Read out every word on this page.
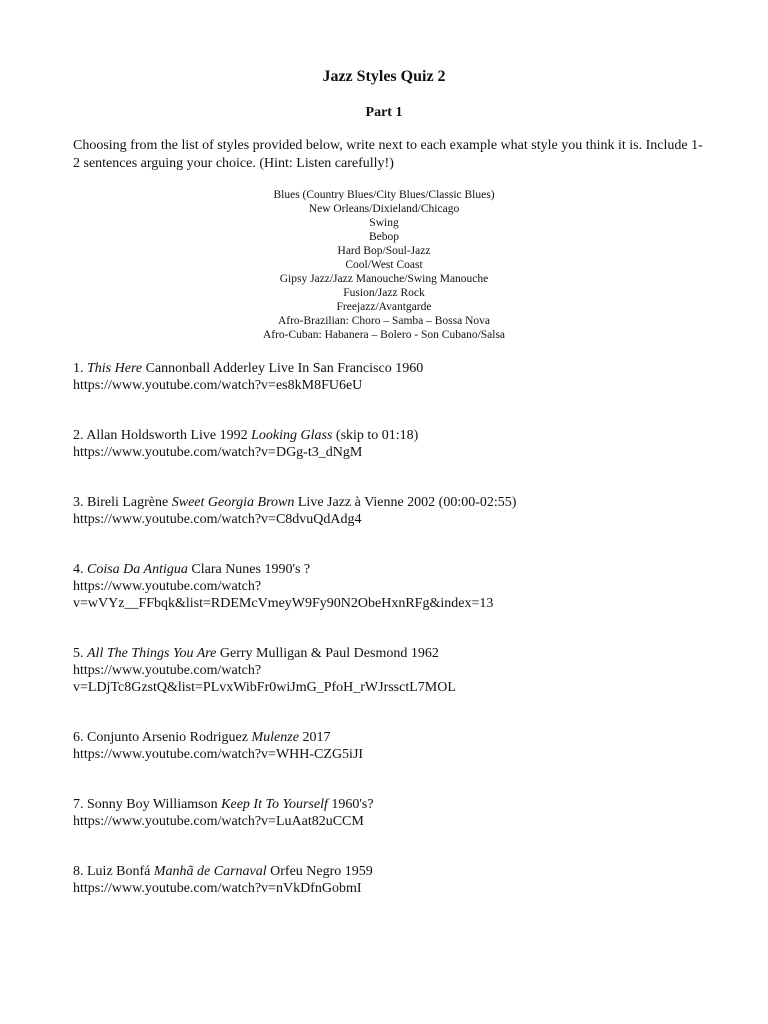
Jazz Styles Quiz 2
Part 1
Choosing from the list of styles provided below, write next to each example what style you think it is. Include 1-2 sentences arguing your choice. (Hint: Listen carefully!)
Blues (Country Blues/City Blues/Classic Blues)
New Orleans/Dixieland/Chicago
Swing
Bebop
Hard Bop/Soul-Jazz
Cool/West Coast
Gipsy Jazz/Jazz Manouche/Swing Manouche
Fusion/Jazz Rock
Freejazz/Avantgarde
Afro-Brazilian: Choro – Samba – Bossa Nova
Afro-Cuban: Habanera – Bolero - Son Cubano/Salsa
1. This Here Cannonball Adderley Live In San Francisco 1960
https://www.youtube.com/watch?v=es8kM8FU6eU
2. Allan Holdsworth Live 1992 Looking Glass (skip to 01:18)
https://www.youtube.com/watch?v=DGg-t3_dNgM
3. Bireli Lagrène Sweet Georgia Brown Live Jazz à Vienne 2002 (00:00-02:55)
https://www.youtube.com/watch?v=C8dvuQdAdg4
4. Coisa Da Antigua Clara Nunes 1990's ?
https://www.youtube.com/watch?
v=wVYz__FFbqk&list=RDEMcVmeyW9Fy90N2ObeHxnRFg&index=13
5. All The Things You Are Gerry Mulligan & Paul Desmond 1962
https://www.youtube.com/watch?
v=LDjTc8GzstQ&list=PLvxWibFr0wiJmG_PfoH_rWJrssctL7MOL
6. Conjunto Arsenio Rodriguez Mulenze 2017
https://www.youtube.com/watch?v=WHH-CZG5iJI
7. Sonny Boy Williamson Keep It To Yourself 1960's?
https://www.youtube.com/watch?v=LuAat82uCCM
8. Luiz Bonfá Manhã de Carnaval Orfeu Negro 1959
https://www.youtube.com/watch?v=nVkDfnGobmI
